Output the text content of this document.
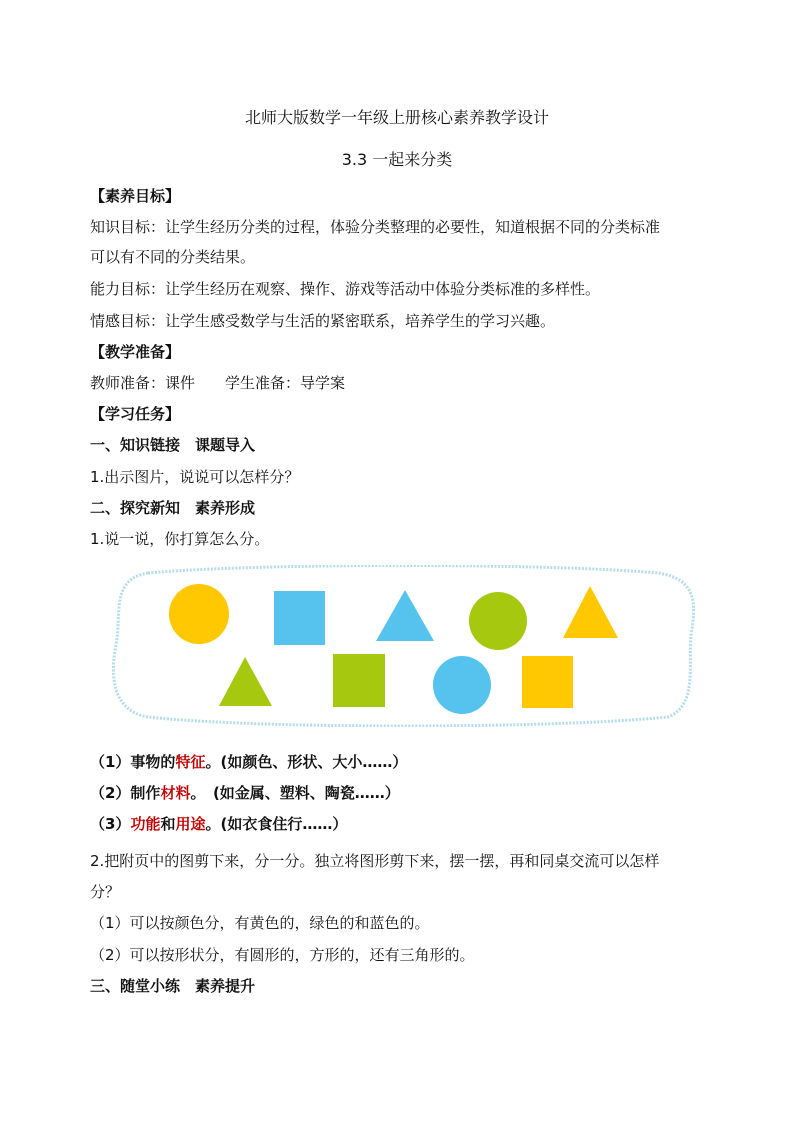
北师大版数学一年级上册核心素养教学设计
3.3 一起来分类
【素养目标】
知识目标：让学生经历分类的过程，体验分类整理的必要性，知道根据不同的分类标准
可以有不同的分类结果。
能力目标：让学生经历在观察、操作、游戏等活动中体验分类标准的多样性。
情感目标：让学生感受数学与生活的紧密联系，培养学生的学习兴趣。
【教学准备】
教师准备：课件　　学生准备：导学案
【学习任务】
一、知识链接　课题导入
1.出示图片，说说可以怎样分？
二、探究新知　素养形成
1.说一说，你打算怎么分。
（1）事物的特征。(如颜色、形状、大小……）
（2）制作材料。　(如金属、塑料、陶瓷……）
（3）功能和用途。(如衣食住行……）
2.把附页中的图剪下来，分一分。独立将图形剪下来，摆一摆，再和同桌交流可以怎样
分？
（1）可以按颜色分，有黄色的，绿色的和蓝色的。
（2）可以按形状分，有圆形的，方形的，还有三角形的。
三、随堂小练　素养提升
